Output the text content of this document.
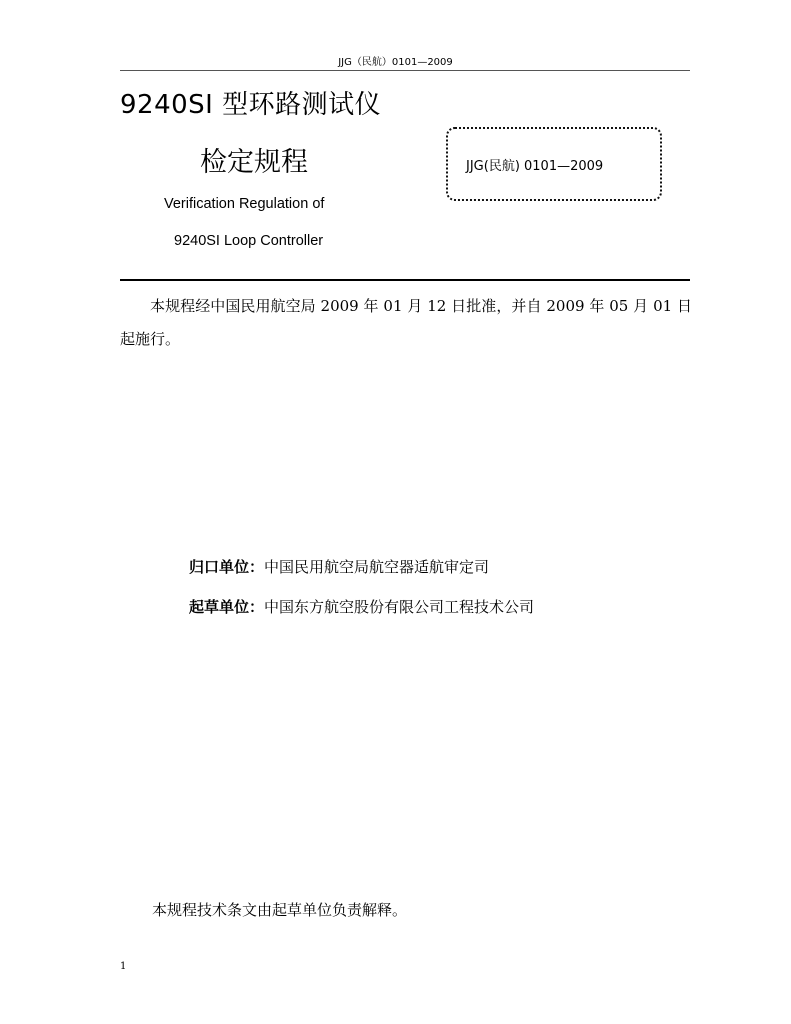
JJG（民航）0101—2009
9240SI 型环路测试仪
检定规程
Verification Regulation of
9240SI Loop Controller
JJG(民航) 0101—2009
本规程经中国民用航空局 2009 年 01 月 12 日批准，并自 2009 年 05 月 01 日起施行。
归口单位：中国民用航空局航空器适航审定司
起草单位：中国东方航空股份有限公司工程技术公司
本规程技术条文由起草单位负责解释。
1
